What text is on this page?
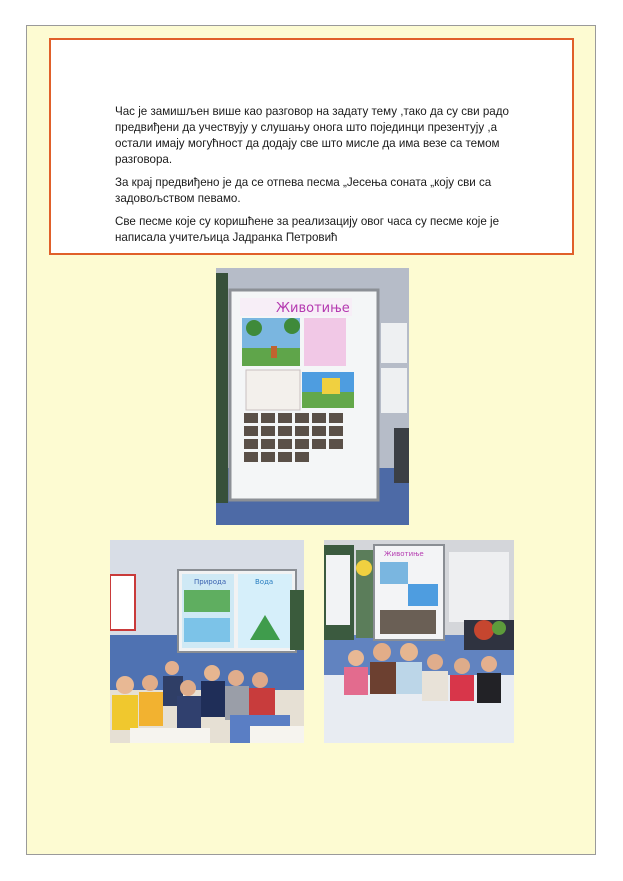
Час је замишљен више као разговор на задату тему ,тако да су сви радо предвиђени да учествују у слушању онога што појединци презентују ,а остали имају могућност да додају све што мисле да има везе са темом разговора.

За крај предвиђено је да се отпева песма „Јесења соната „коју сви са задовољством певамо.

Све песме које су коришћене за реализацију овог часа су песме које је написала учитељица Јадранка Петровић

Животиње
Природа	Вода
Животиње
